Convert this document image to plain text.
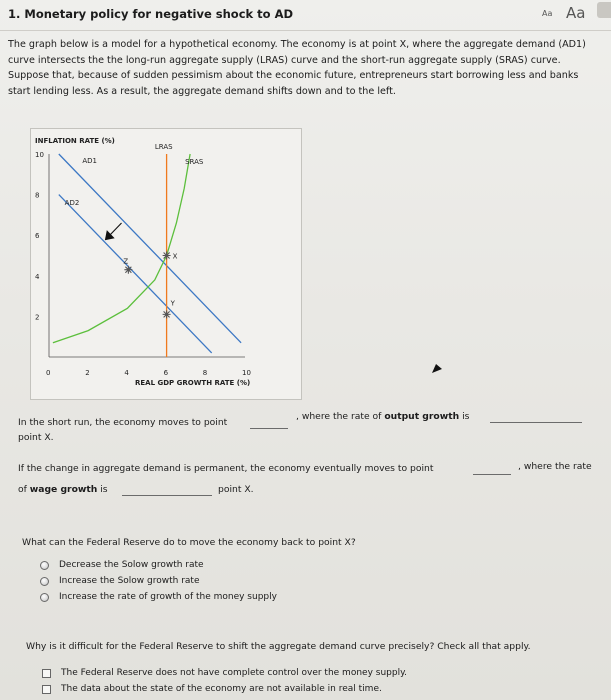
1. Monetary policy for negative shock to AD	Aa Aa
The graph below is a model for a hypothetical economy. The economy is at point X, where the aggregate demand (AD1) curve intersects the the long-run aggregate supply (LRAS) curve and the short-run aggregate supply (SRAS) curve. Suppose that, because of sudden pessimism about the economic future, entrepreneurs start borrowing less and banks start lending less. As a result, the aggregate demand shifts down and to the left.
INFLATION RATE (%)
REAL GDP GROWTH RATE (%)
10
8
6
4
2
0	2	4	6	8	10
AD1
AD2
SRAS
LRAS
X
Z
Y
In the short run, the economy moves to point
, where the rate of output growth is
point X.
If the change in aggregate demand is permanent, the economy eventually moves to point	, where the rate
of wage growth is	point X.
What can the Federal Reserve do to move the economy back to point X?
Decrease the Solow growth rate
Increase the Solow growth rate
Increase the rate of growth of the money supply
Why is it difficult for the Federal Reserve to shift the aggregate demand curve precisely? Check all that apply.
The Federal Reserve does not have complete control over the money supply.
The data about the state of the economy are not available in real time.
